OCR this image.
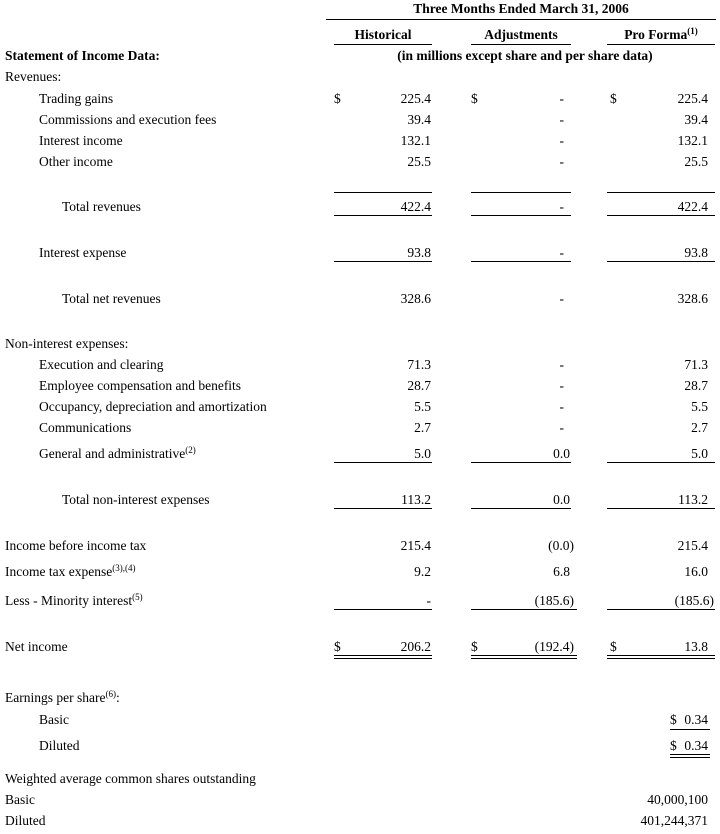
Three Months Ended March 31, 2006
Historical	Adjustments	Pro Forma$^{(1)}$
Statement of Income Data:	(in millions except share and per share data)
Revenues:
Trading gains	$	225.4	$	-	$	225.4
Commissions and execution fees	39.4	-	39.4
Interest income	132.1	-	132.1
Other income	25.5	-	25.5
Total revenues	422.4	-	422.4
Interest expense	93.8	-	93.8
Total net revenues	328.6	-	328.6
Non-interest expenses:
Execution and clearing	71.3	-	71.3
Employee compensation and benefits	28.7	-	28.7
Occupancy, depreciation and amortization	5.5	-	5.5
Communications	2.7	-	2.7
General and administrative$^{(2)}$	5.0	0.0	5.0
Total non-interest expenses	113.2	0.0	113.2
Income before income tax	215.4	(0.0)	215.4
Income tax expense$^{(3),(4)}$	9.2	6.8	16.0
Less - Minority interest$^{(5)}$	-	(185.6)	(185.6)
Net income	$	206.2	$	(192.4)	$	13.8
Earnings per share$^{(6)}$:
Basic	$ 0.34
Diluted	$ 0.34
Weighted average common shares outstanding
Basic	40,000,100
Diluted	401,244,371
